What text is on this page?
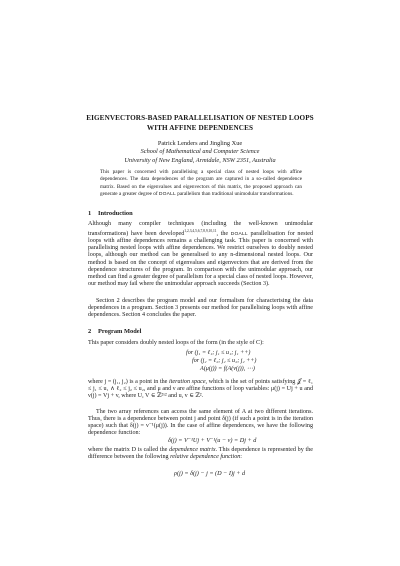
EIGENVECTORS-BASED PARALLELISATION OF NESTED LOOPS
WITH AFFINE DEPENDENCES
Patrick Lenders and Jingling Xue
School of Mathematical and Computer Science
University of New England, Armidale, NSW 2351, Australia
This paper is concerned with parallelising a special class of nested loops with affine dependences. The data dependences of the program are captured in a so-called dependence matrix. Based on the eigenvalues and eigenvectors of this matrix, the proposed approach can generate a greater degree of DOALL parallelism than traditional unimodular transformations.
1 Introduction
Although many compiler techniques (including the well-known unimodular transformations) have been developed$^{1,2,3,4,5,6,7,8,9,10,11}$, the DOALL parallelisation for nested loops with affine dependences remains a challenging task. This paper is concerned with parallelising nested loops with affine dependences. We restrict ourselves to doubly nested loops, although our method can be generalised to any n-dimensional nested loops. Our method is based on the concept of eigenvalues and eigenvectors that are derived from the dependence structures of the program. In comparison with the unimodular approach, our method can find a greater degree of parallelism for a special class of nested loops. However, our method may fail where the unimodular approach succeeds (Section 3).
Section 2 describes the program model and our formalism for characterising the data dependences in a program. Section 3 presents our method for parallelising loops with affine dependences. Section 4 concludes the paper.
2 Program Model
This paper considers doubly nested loops of the form (in the style of C):
for (j₁ = ℓ₁; j₁ ≤ u₁; j₁ ++)
for (j₂ = ℓ₂; j₂ ≤ u₂; j₂ ++)
A(μ(j)) = f(A(ν(j)), ⋯)
where j = (j₁, j₂) is a point in the iteration space, which is the set of points satisfying 𝒥 = ℓ₁ ≤ j₁ ≤ u₁ ∧ ℓ₂ ≤ j₂ ≤ u₂, and μ and ν are affine functions of loop variables: μ(j) = Uj + u and ν(j) = Vj + v, where U, V ∈ ℤ²ˣ² and u, v ∈ ℤ².
The two array references can access the same element of A at two different iterations. Thus, there is a dependence between point j and point δ(j) (if such a point is in the iteration space) such that δ(j) = ν⁻¹(μ(j)). In the case of affine dependences, we have the following dependence function:
δ(j) = V⁻¹Uj + V⁻¹(u − v) = Dj + d
where the matrix D is called the dependence matrix. This dependence is represented by the difference between the following relative dependence function:
ρ(j) = δ(j) − j = (D − I)j + d
